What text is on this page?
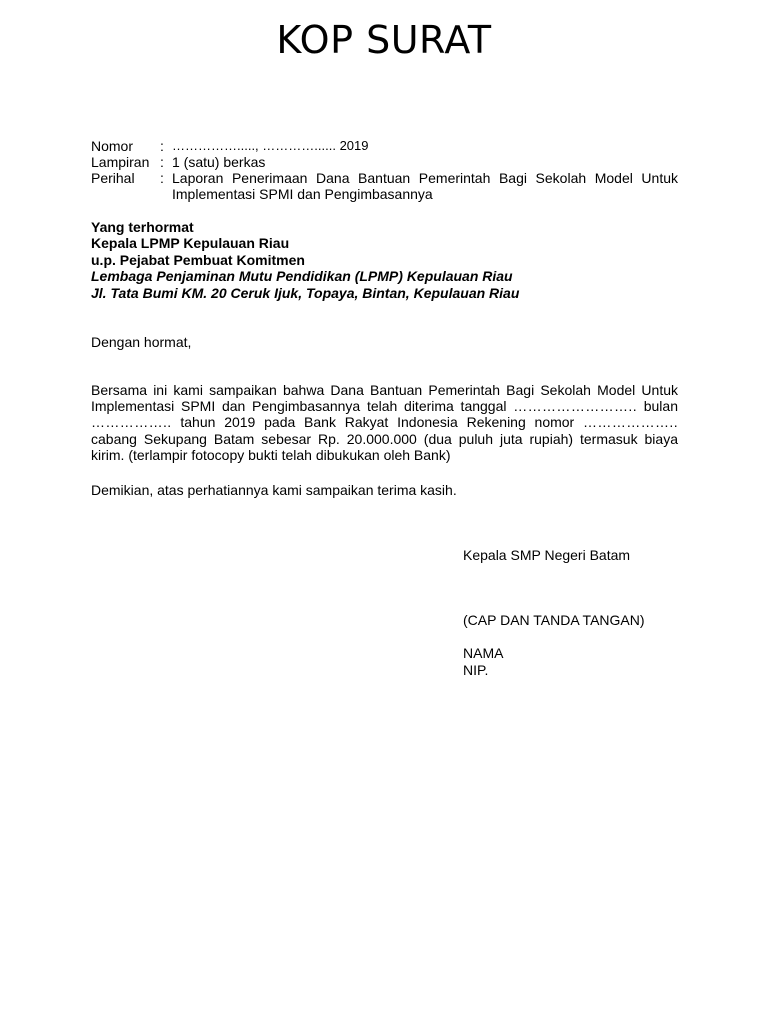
KOP SURAT
Nomor	: ……………....., …………...... 2019
Lampiran : 1 (satu) berkas
Perihal	: Laporan Penerimaan Dana Bantuan Pemerintah Bagi Sekolah Model Untuk Implementasi SPMI dan Pengimbasannya
Yang terhormat
Kepala LPMP Kepulauan Riau
u.p. Pejabat Pembuat Komitmen
Lembaga Penjaminan Mutu Pendidikan (LPMP) Kepulauan Riau
Jl. Tata Bumi KM. 20 Ceruk Ijuk, Topaya, Bintan, Kepulauan Riau
Dengan hormat,
Bersama ini kami sampaikan bahwa Dana Bantuan Pemerintah Bagi Sekolah Model Untuk Implementasi SPMI dan Pengimbasannya telah diterima tanggal …………………….. bulan …………….. tahun 2019 pada Bank Rakyat Indonesia Rekening nomor ……………….. cabang Sekupang Batam sebesar Rp. 20.000.000 (dua puluh juta rupiah) termasuk biaya kirim. (terlampir fotocopy bukti telah dibukukan oleh Bank)
Demikian, atas perhatiannya kami sampaikan terima kasih.
Kepala SMP Negeri Batam
(CAP DAN TANDA TANGAN)
NAMA
NIP.
